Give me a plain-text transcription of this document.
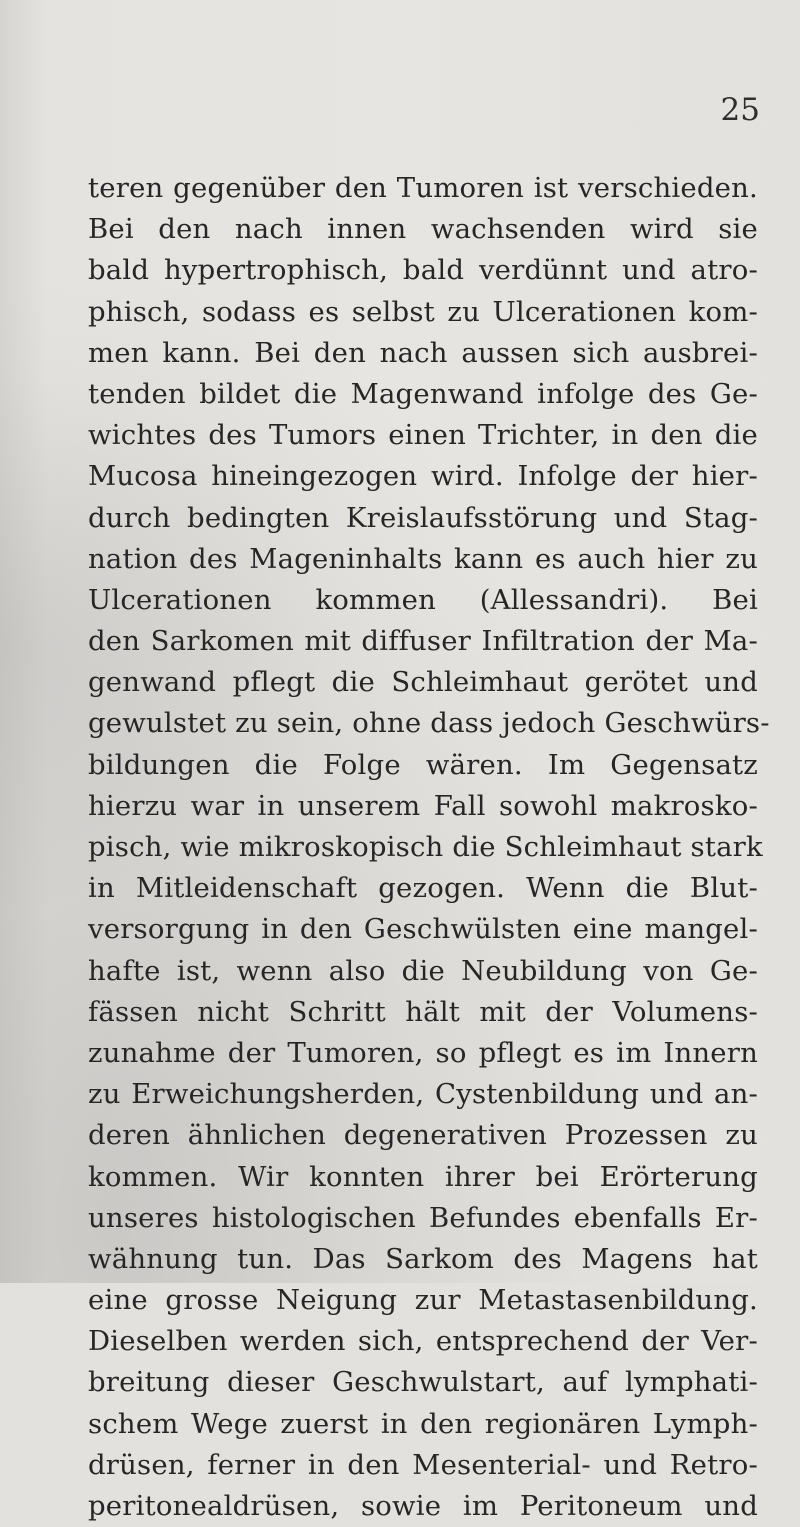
25
teren gegenüber den Tumoren ist verschieden.
Bei den nach innen wachsenden wird sie
bald hypertrophisch, bald verdünnt und atro-
phisch, sodass es selbst zu Ulcerationen kom-
men kann. Bei den nach aussen sich ausbrei-
tenden bildet die Magenwand infolge des Ge-
wichtes des Tumors einen Trichter, in den die
Mucosa hineingezogen wird. Infolge der hier-
durch bedingten Kreislaufsstörung und Stag-
nation des Mageninhalts kann es auch hier zu
Ulcerationen kommen (Allessandri). Bei
den Sarkomen mit diffuser Infiltration der Ma-
genwand pflegt die Schleimhaut gerötet und
gewulstet zu sein, ohne dass jedoch Geschwürs-
bildungen die Folge wären. Im Gegensatz
hierzu war in unserem Fall sowohl makrosko-
pisch, wie mikroskopisch die Schleimhaut stark
in Mitleidenschaft gezogen. Wenn die Blut-
versorgung in den Geschwülsten eine mangel-
hafte ist, wenn also die Neubildung von Ge-
fässen nicht Schritt hält mit der Volumens-
zunahme der Tumoren, so pflegt es im Innern
zu Erweichungsherden, Cystenbildung und an-
deren ähnlichen degenerativen Prozessen zu
kommen. Wir konnten ihrer bei Erörterung
unseres histologischen Befundes ebenfalls Er-
wähnung tun. Das Sarkom des Magens hat
eine grosse Neigung zur Metastasenbildung.
Dieselben werden sich, entsprechend der Ver-
breitung dieser Geschwulstart, auf lymphati-
schem Wege zuerst in den regionären Lymph-
drüsen, ferner in den Mesenterial- und Retro-
peritonealdrüsen, sowie im Peritoneum und
